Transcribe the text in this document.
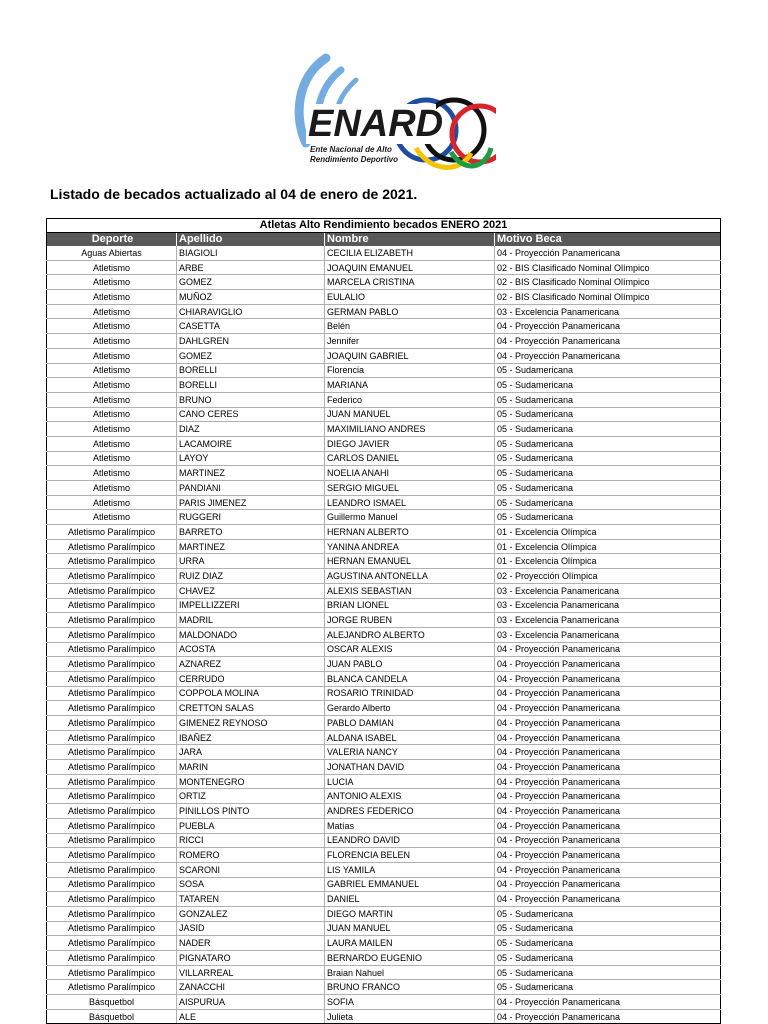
ENARD
Ente Nacional de Alto
Rendimiento Deportivo
Listado de becados actualizado al 04 de enero de 2021.
Atletas Alto Rendimiento becados ENERO 2021			
Deporte	Apellido	Nombre	Motivo Beca
Aguas Abiertas	BIAGIOLI	CECILIA ELIZABETH	04 - Proyección Panamericana
Atletismo	ARBE	JOAQUIN EMANUEL	02 - BIS Clasificado Nominal Olímpico
Atletismo	GOMEZ	MARCELA CRISTINA	02 - BIS Clasificado Nominal Olímpico
Atletismo	MUÑOZ	EULALIO	02 - BIS Clasificado Nominal Olímpico
Atletismo	CHIARAVIGLIO	GERMAN PABLO	03 - Excelencia Panamericana
Atletismo	CASETTA	Belén	04 - Proyección Panamericana
Atletismo	DAHLGREN	Jennifer	04 - Proyección Panamericana
Atletismo	GOMEZ	JOAQUIN GABRIEL	04 - Proyección Panamericana
Atletismo	BORELLI	Florencia	05 - Sudamericana
Atletismo	BORELLI	MARIANA	05 - Sudamericana
Atletismo	BRUNO	Federico	05 - Sudamericana
Atletismo	CANO CERES	JUAN MANUEL	05 - Sudamericana
Atletismo	DIAZ	MAXIMILIANO ANDRES	05 - Sudamericana
Atletismo	LACAMOIRE	DIEGO JAVIER	05 - Sudamericana
Atletismo	LAYOY	CARLOS DANIEL	05 - Sudamericana
Atletismo	MARTINEZ	NOELIA ANAHI	05 - Sudamericana
Atletismo	PANDIANI	SERGIO MIGUEL	05 - Sudamericana
Atletismo	PARIS JIMENEZ	LEANDRO ISMAEL	05 - Sudamericana
Atletismo	RUGGERI	Guillermo Manuel	05 - Sudamericana
Atletismo Paralímpico	BARRETO	HERNAN ALBERTO	01 - Excelencia Olímpica
Atletismo Paralímpico	MARTINEZ	YANINA ANDREA	01 - Excelencia Olímpica
Atletismo Paralímpico	URRA	HERNAN EMANUEL	01 - Excelencia Olímpica
Atletismo Paralímpico	RUIZ DIAZ	AGUSTINA ANTONELLA	02 - Proyección Olímpica
Atletismo Paralímpico	CHAVEZ	ALEXIS SEBASTIAN	03 - Excelencia Panamericana
Atletismo Paralímpico	IMPELLIZZERI	BRIAN LIONEL	03 - Excelencia Panamericana
Atletismo Paralímpico	MADRIL	JORGE RUBEN	03 - Excelencia Panamericana
Atletismo Paralímpico	MALDONADO	ALEJANDRO ALBERTO	03 - Excelencia Panamericana
Atletismo Paralímpico	ACOSTA	OSCAR ALEXIS	04 - Proyección Panamericana
Atletismo Paralímpico	AZNAREZ	JUAN PABLO	04 - Proyección Panamericana
Atletismo Paralímpico	CERRUDO	BLANCA CANDELA	04 - Proyección Panamericana
Atletismo Paralímpico	COPPOLA MOLINA	ROSARIO TRINIDAD	04 - Proyección Panamericana
Atletismo Paralímpico	CRETTON SALAS	Gerardo Alberto	04 - Proyección Panamericana
Atletismo Paralímpico	GIMENEZ REYNOSO	PABLO DAMIAN	04 - Proyección Panamericana
Atletismo Paralímpico	IBAÑEZ	ALDANA ISABEL	04 - Proyección Panamericana
Atletismo Paralímpico	JARA	VALERIA NANCY	04 - Proyección Panamericana
Atletismo Paralímpico	MARIN	JONATHAN DAVID	04 - Proyección Panamericana
Atletismo Paralímpico	MONTENEGRO	LUCIA	04 - Proyección Panamericana
Atletismo Paralímpico	ORTIZ	ANTONIO ALEXIS	04 - Proyección Panamericana
Atletismo Paralímpico	PINILLOS PINTO	ANDRES FEDERICO	04 - Proyección Panamericana
Atletismo Paralímpico	PUEBLA	Matías	04 - Proyección Panamericana
Atletismo Paralímpico	RICCI	LEANDRO DAVID	04 - Proyección Panamericana
Atletismo Paralímpico	ROMERO	FLORENCIA BELEN	04 - Proyección Panamericana
Atletismo Paralímpico	SCARONI	LIS YAMILA	04 - Proyección Panamericana
Atletismo Paralímpico	SOSA	GABRIEL EMMANUEL	04 - Proyección Panamericana
Atletismo Paralímpico	TATAREN	DANIEL	04 - Proyección Panamericana
Atletismo Paralímpico	GONZALEZ	DIEGO MARTIN	05 - Sudamericana
Atletismo Paralímpico	JASID	JUAN MANUEL	05 - Sudamericana
Atletismo Paralímpico	NADER	LAURA MAILEN	05 - Sudamericana
Atletismo Paralímpico	PIGNATARO	BERNARDO EUGENIO	05 - Sudamericana
Atletismo Paralímpico	VILLARREAL	Braian Nahuel	05 - Sudamericana
Atletismo Paralímpico	ZANACCHI	BRUNO FRANCO	05 - Sudamericana
Básquetbol	AISPURUA	SOFIA	04 - Proyección Panamericana
Básquetbol	ALE	Julieta	04 - Proyección Panamericana
